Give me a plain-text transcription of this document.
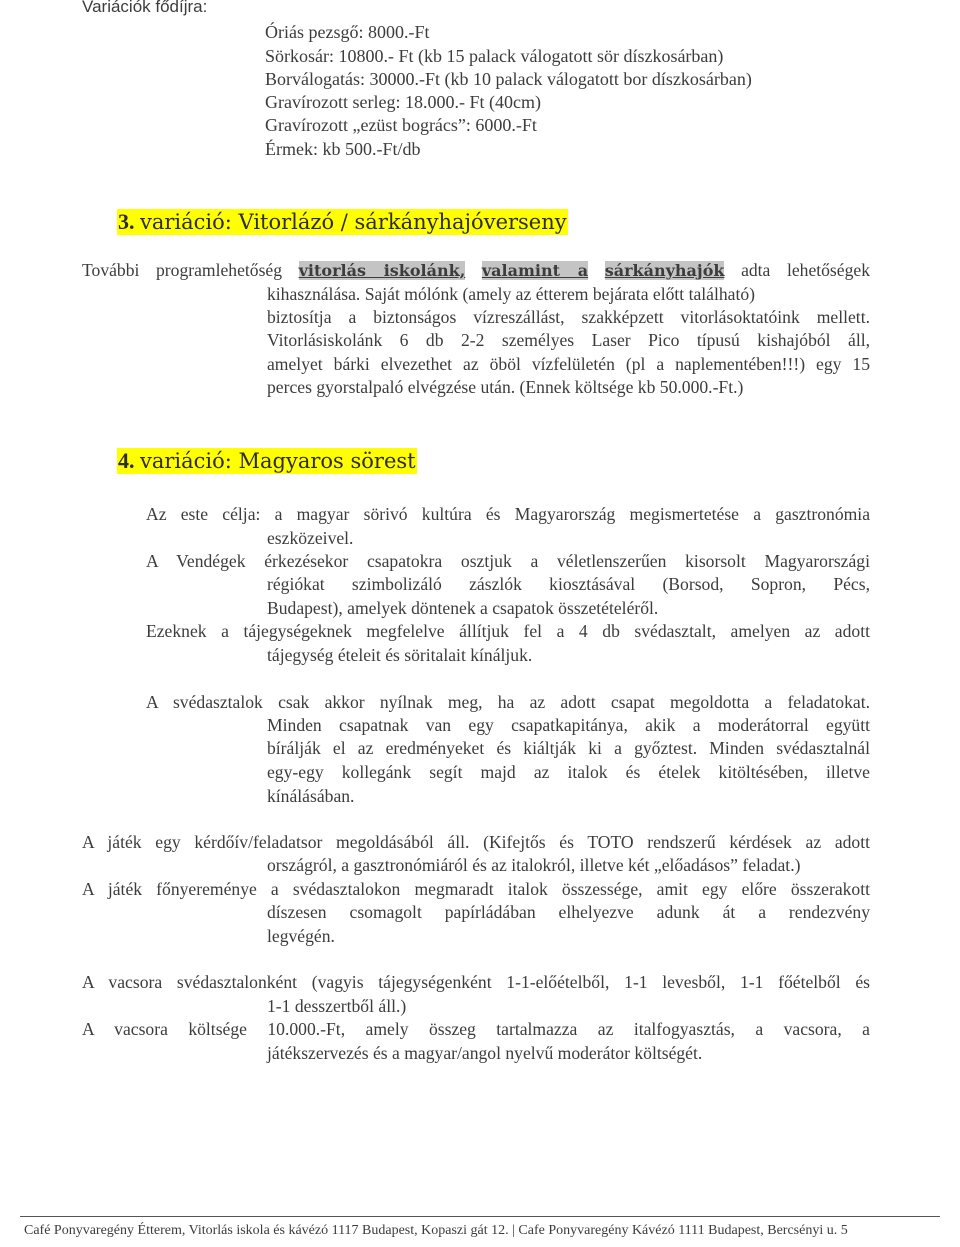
Variációk fődíjra:
Óriás pezsgő: 8000.-Ft
Sörkosár: 10800.- Ft (kb 15 palack válogatott sör díszkosárban)
Borválogatás: 30000.-Ft (kb 10 palack válogatott bor díszkosárban)
Gravírozott serleg: 18.000.- Ft (40cm)
Gravírozott „ezüst bogrács”: 6000.-Ft
Érmek: kb 500.-Ft/db
3. variáció: Vitorlázó / sárkányhajóverseny
További programlehetőség vitorlás iskolánk, valamint a sárkányhajók adta lehetőségek
kihasználása. Saját mólónk (amely az étterem bejárata előtt található)
biztosítja a biztonságos vízreszállást, szakképzett vitorlásoktatóink mellett.
Vitorlásiskolánk 6 db 2-2 személyes Laser Pico típusú kishajóból áll,
amelyet bárki elvezethet az öböl vízfelületén (pl a naplementében!!!) egy 15
perces gyorstalpaló elvégzése után. (Ennek költsége kb 50.000.-Ft.)
4. variáció: Magyaros sörest
Az este célja: a magyar sörivó kultúra és Magyarország megismertetése a gasztronómia
eszközeivel.
A Vendégek érkezésekor csapatokra osztjuk a véletlenszerűen kisorsolt Magyarországi
régiókat szimbolizáló zászlók kiosztásával (Borsod, Sopron, Pécs,
Budapest), amelyek döntenek a csapatok összetételéről.
Ezeknek a tájegységeknek megfelelve állítjuk fel a 4 db svédasztalt, amelyen az adott
tájegység ételeit és söritalait kínáljuk.
A svédasztalok csak akkor nyílnak meg, ha az adott csapat megoldotta a feladatokat.
Minden csapatnak van egy csapatkapitánya, akik a moderátorral együtt
bírálják el az eredményeket és kiáltják ki a győztest. Minden svédasztalnál
egy-egy kollegánk segít majd az italok és ételek kitöltésében, illetve
kínálásában.
A játék egy kérdőív/feladatsor megoldásából áll. (Kifejtős és TOTO rendszerű kérdések az adott
országról, a gasztronómiáról és az italokról, illetve két „előadásos” feladat.)
A játék főnyereménye a svédasztalokon megmaradt italok összessége, amit egy előre összerakott
díszesen csomagolt papírládában elhelyezve adunk át a rendezvény
legvégén.
A vacsora svédasztalonként (vagyis tájegységenként 1-1-előételből, 1-1 levesből, 1-1 főételből és
1-1 desszertből áll.)
A vacsora költsége 10.000.-Ft, amely összeg tartalmazza az italfogyasztás, a vacsora, a
játékszervezés és a magyar/angol nyelvű moderátor költségét.
Café Ponyvaregény Étterem, Vitorlás iskola és kávézó 1117 Budapest, Kopaszi gát 12. | Cafe Ponyvaregény Kávézó 1111 Budapest, Bercsényi u. 5
